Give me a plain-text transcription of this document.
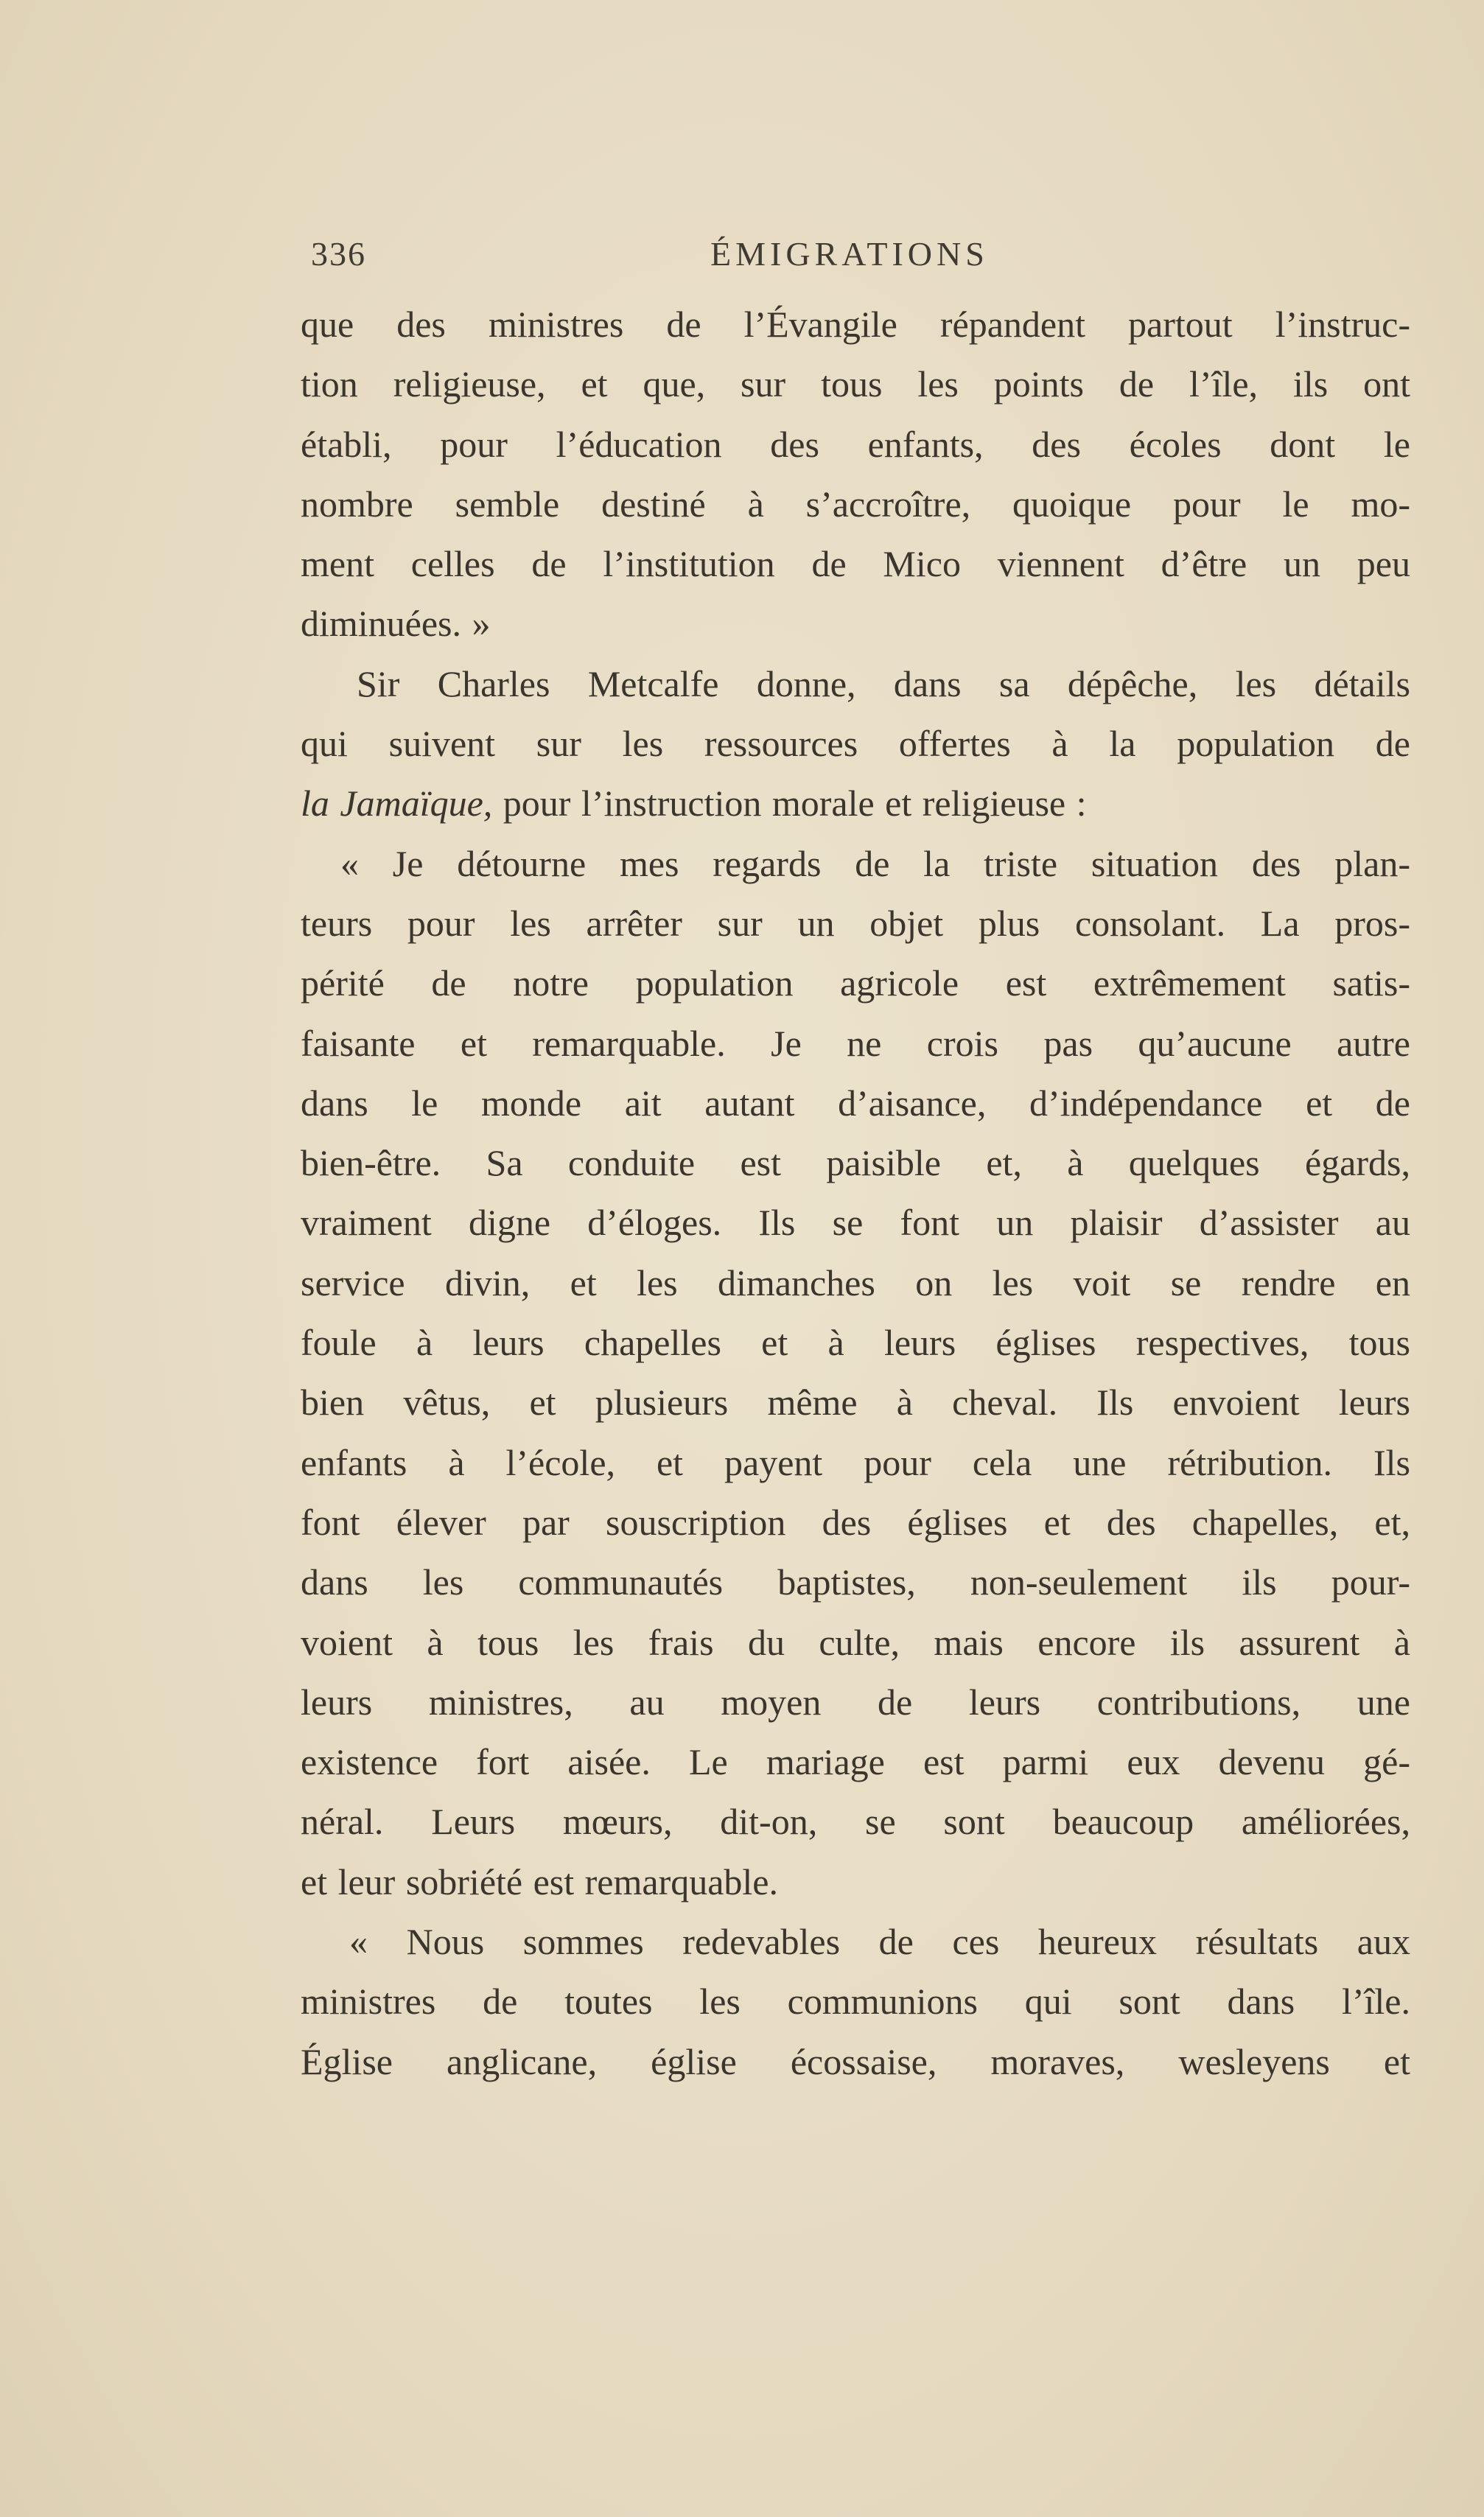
336	ÉMIGRATIONS
que des ministres de l’Évangile répandent partout l’instruc-
tion religieuse, et que, sur tous les points de l’île, ils ont
établi, pour l’éducation des enfants, des écoles dont le
nombre semble destiné à s’accroître, quoique pour le mo-
ment celles de l’institution de Mico viennent d’être un peu
diminuées. »
Sir Charles Metcalfe donne, dans sa dépêche, les détails
qui suivent sur les ressources offertes à la population de
la Jamaïque, pour l’instruction morale et religieuse :
« Je détourne mes regards de la triste situation des plan-
teurs pour les arrêter sur un objet plus consolant. La pros-
périté de notre population agricole est extrêmement satis-
faisante et remarquable. Je ne crois pas qu’aucune autre
dans le monde ait autant d’aisance, d’indépendance et de
bien-être. Sa conduite est paisible et, à quelques égards,
vraiment digne d’éloges. Ils se font un plaisir d’assister au
service divin, et les dimanches on les voit se rendre en
foule à leurs chapelles et à leurs églises respectives, tous
bien vêtus, et plusieurs même à cheval. Ils envoient leurs
enfants à l’école, et payent pour cela une rétribution. Ils
font élever par souscription des églises et des chapelles, et,
dans les communautés baptistes, non-seulement ils pour-
voient à tous les frais du culte, mais encore ils assurent à
leurs ministres, au moyen de leurs contributions, une
existence fort aisée. Le mariage est parmi eux devenu gé-
néral. Leurs mœurs, dit-on, se sont beaucoup améliorées,
et leur sobriété est remarquable.
« Nous sommes redevables de ces heureux résultats aux
ministres de toutes les communions qui sont dans l’île.
Église anglicane, église écossaise, moraves, wesleyens et
